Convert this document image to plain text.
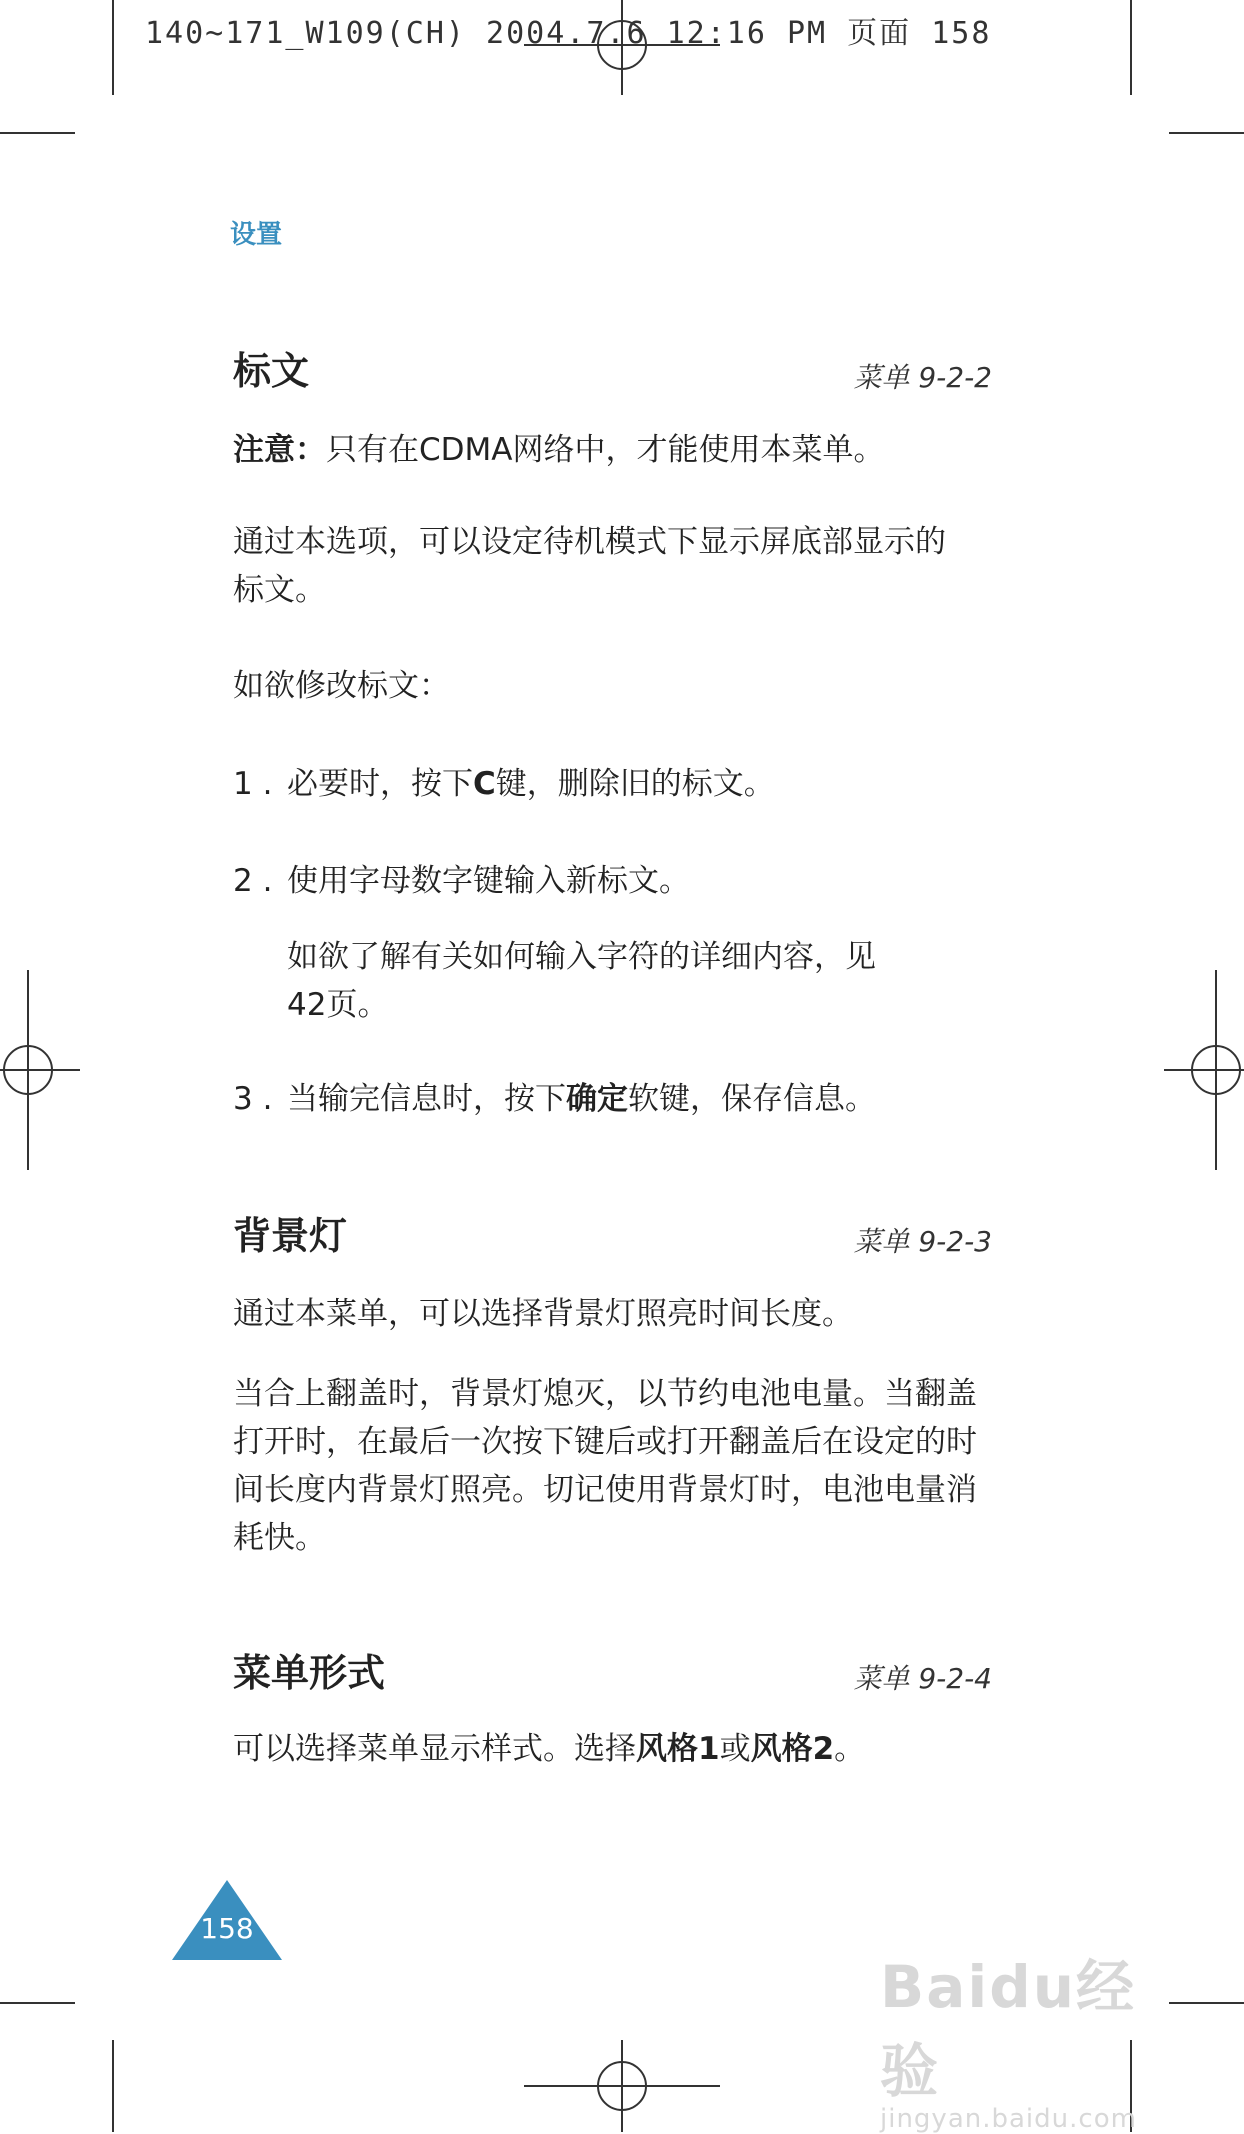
140~171_W109(CH) 2004.7.6 12:16 PM 页面 158
设置
标文	菜单 9-2-2
注意：只有在CDMA网络中，才能使用本菜单。
通过本选项，可以设定待机模式下显示屏底部显示的标文。
如欲修改标文：
1 . 必要时，按下C键，删除旧的标文。
2 . 使用字母数字键输入新标文。
如欲了解有关如何输入字符的详细内容，见42页。
3 . 当输完信息时，按下确定软键，保存信息。
背景灯	菜单 9-2-3
通过本菜单，可以选择背景灯照亮时间长度。
当合上翻盖时，背景灯熄灭，以节约电池电量。当翻盖打开时，在最后一次按下键后或打开翻盖后在设定的时间长度内背景灯照亮。切记使用背景灯时，电池电量消耗快。
菜单形式	菜单 9-2-4
可以选择菜单显示样式。选择风格1或风格2。
158
Baidu经验
jingyan.baidu.com
